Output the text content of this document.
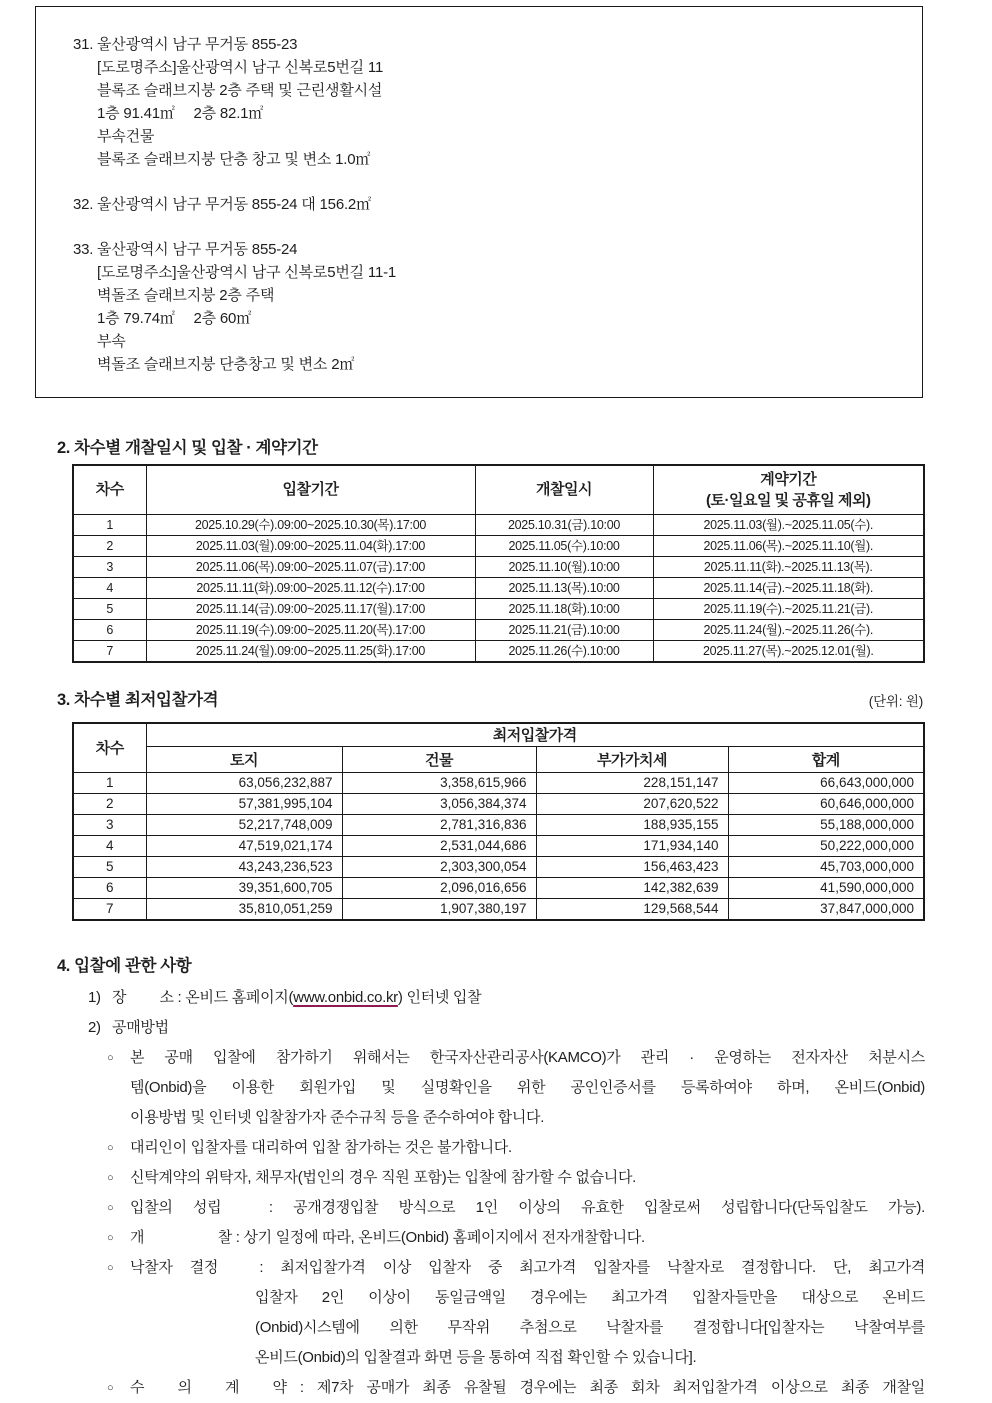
31. 울산광역시 남구 무거동 855-23
[도로명주소]울산광역시 남구 신복로5번길 11
블록조 슬래브지붕 2층 주택 및 근린생활시설
1층 91.41㎡　 2층 82.1㎡
부속건물
블록조 슬래브지붕 단층 창고 및 변소 1.0㎡
32. 울산광역시 남구 무거동 855-24 대 156.2㎡
33. 울산광역시 남구 무거동 855-24
[도로명주소]울산광역시 남구 신복로5번길 11-1
벽돌조 슬래브지붕 2층 주택
1층 79.74㎡　 2층 60㎡
부속
벽돌조 슬래브지붕 단층창고 및 변소 2㎡
2. 차수별 개찰일시 및 입찰 · 계약기간
차수	입찰기간	개찰일시	계약기간
(토·일요일 및 공휴일 제외)

1	2025.10.29(수).09:00~2025.10.30(목).17:00	2025.10.31(금).10:00	2025.11.03(월).~2025.11.05(수).
2	2025.11.03(월).09:00~2025.11.04(화).17:00	2025.11.05(수).10:00	2025.11.06(목).~2025.11.10(월).
3	2025.11.06(목).09:00~2025.11.07(금).17:00	2025.11.10(월).10:00	2025.11.11(화).~2025.11.13(목).
4	2025.11.11(화).09:00~2025.11.12(수).17:00	2025.11.13(목).10:00	2025.11.14(금).~2025.11.18(화).
5	2025.11.14(금).09:00~2025.11.17(월).17:00	2025.11.18(화).10:00	2025.11.19(수).~2025.11.21(금).
6	2025.11.19(수).09:00~2025.11.20(목).17:00	2025.11.21(금).10:00	2025.11.24(월).~2025.11.26(수).
7	2025.11.24(월).09:00~2025.11.25(화).17:00	2025.11.26(수).10:00	2025.11.27(목).~2025.12.01(월).
3. 차수별 최저입찰가격	(단위: 원)
차수	최저입찰가격			
	토지	건물	부가가치세	합계
1	63,056,232,887	3,358,615,966	228,151,147	66,643,000,000
2	57,381,995,104	3,056,384,374	207,620,522	60,646,000,000
3	52,217,748,009	2,781,316,836	188,935,155	55,188,000,000
4	47,519,021,174	2,531,044,686	171,934,140	50,222,000,000
5	43,243,236,523	2,303,300,054	156,463,423	45,703,000,000
6	39,351,600,705	2,096,016,656	142,382,639	41,590,000,000
7	35,810,051,259	1,907,380,197	129,568,544	37,847,000,000
4. 입찰에 관한 사항
1) 장　　 소 : 온비드 홈페이지(www.onbid.co.kr) 인터넷 입찰
2) 공매방법
○ 본 공매 입찰에 참가하기 위해서는 한국자산관리공사(KAMCO)가 관리 · 운영하는 전자자산 처분시스
템(Onbid)을 이용한 회원가입 및 실명확인을 위한 공인인증서를 등록하여야 하며, 온비드(Onbid)
이용방법 및 인터넷 입찰참가자 준수규칙 등을 준수하여야 합니다.
○ 대리인이 입찰자를 대리하여 입찰 참가하는 것은 불가합니다.
○ 신탁계약의 위탁자, 채무자(법인의 경우 직원 포함)는 입찰에 참가할 수 없습니다.
○ 입찰의 성립　: 공개경쟁입찰 방식으로 1인 이상의 유효한 입찰로써 성립합니다(단독입찰도 가능).
○ 개　　　　　찰 : 상기 일정에 따라, 온비드(Onbid) 홈페이지에서 전자개찰합니다.
○ 낙찰자 결정　: 최저입찰가격 이상 입찰자 중 최고가격 입찰자를 낙찰자로 결정합니다. 단, 최고가격
입찰자 2인 이상이 동일금액일 경우에는 최고가격 입찰자들만을 대상으로 온비드
(Onbid)시스템에 의한 무작위 추첨으로 낙찰자를 결정합니다[입찰자는 낙찰여부를
온비드(Onbid)의 입찰결과 화면 등을 통하여 직접 확인할 수 있습니다].
○ 수　의　계　약 : 제7차 공매가 최종 유찰될 경우에는 최종 회차 최저입찰가격 이상으로 최종 개찰일
